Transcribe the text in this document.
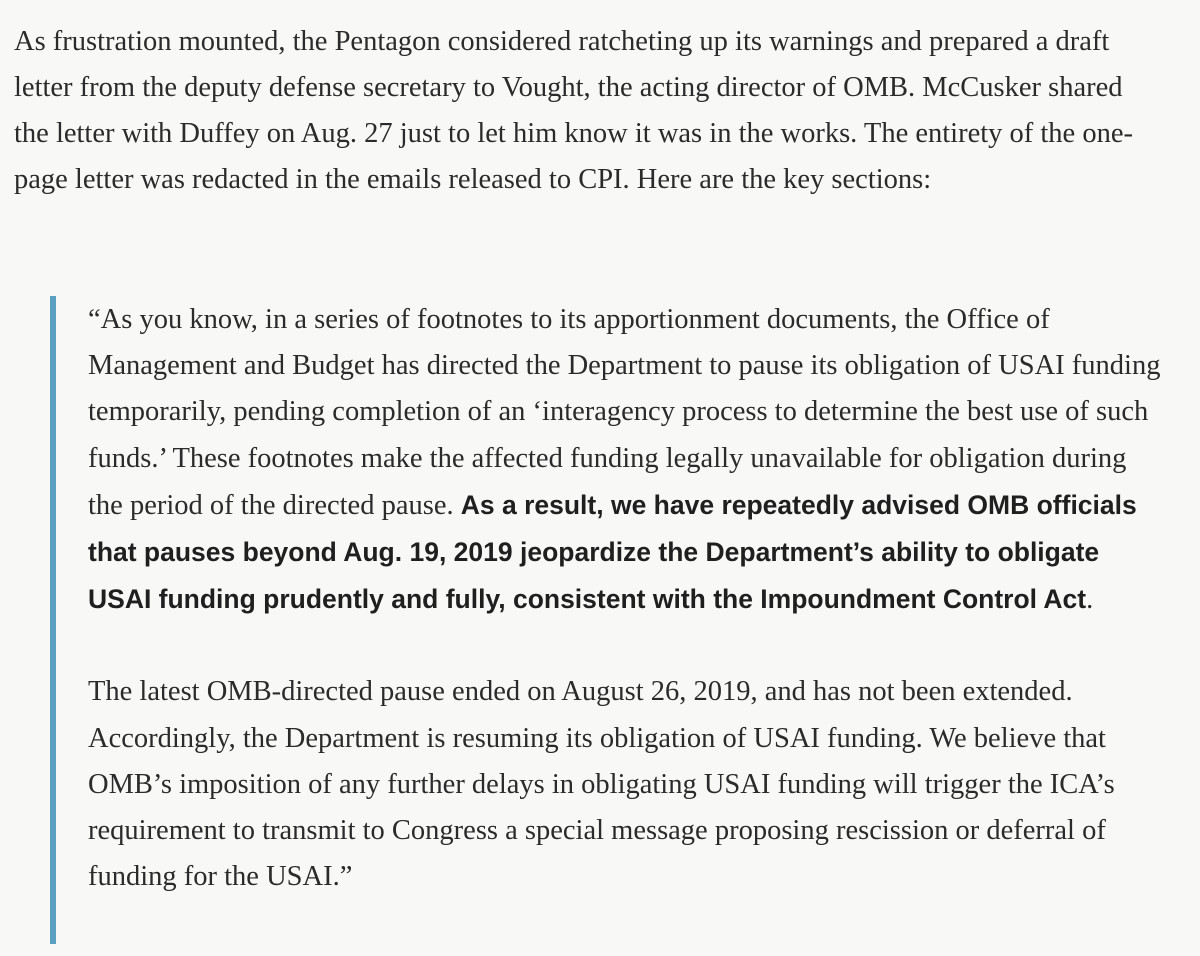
As frustration mounted, the Pentagon considered ratcheting up its warnings and prepared a draft letter from the deputy defense secretary to Vought, the acting director of OMB. McCusker shared the letter with Duffey on Aug. 27 just to let him know it was in the works. The entirety of the one-page letter was redacted in the emails released to CPI. Here are the key sections:

“As you know, in a series of footnotes to its apportionment documents, the Office of Management and Budget has directed the Department to pause its obligation of USAI funding temporarily, pending completion of an ‘interagency process to determine the best use of such funds.’ These footnotes make the affected funding legally unavailable for obligation during the period of the directed pause. As a result, we have repeatedly advised OMB officials that pauses beyond Aug. 19, 2019 jeopardize the Department’s ability to obligate USAI funding prudently and fully, consistent with the Impoundment Control Act.

The latest OMB-directed pause ended on August 26, 2019, and has not been extended. Accordingly, the Department is resuming its obligation of USAI funding. We believe that OMB’s imposition of any further delays in obligating USAI funding will trigger the ICA’s requirement to transmit to Congress a special message proposing rescission or deferral of funding for the USAI.”
